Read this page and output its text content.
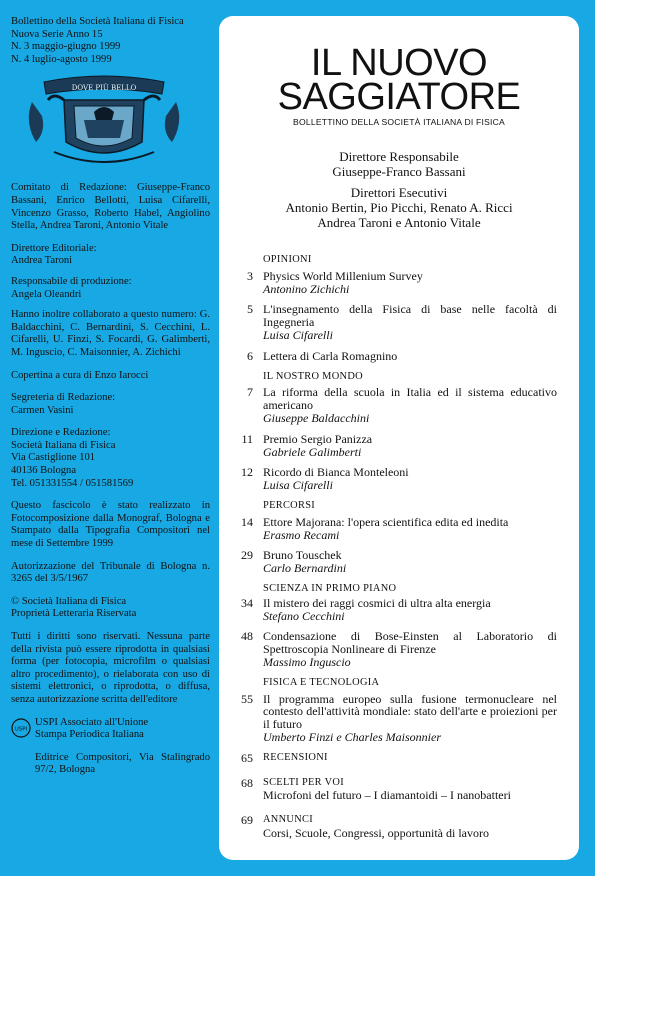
Bollettino della Società Italiana di Fisica
Nuova Serie Anno 15
N. 3 maggio-giugno 1999
N. 4 luglio-agosto 1999
DOVE PIÙ BELLO

Comitato di Redazione: Giuseppe-Franco Bassani, Enrico Bellotti, Luisa Cifarelli, Vincenzo Grasso, Roberto Habel, Angiolino Stella, Andrea Taroni, Antonio Vitale

Direttore Editoriale:
Andrea Taroni

Responsabile di produzione:
Angela Oleandri

Hanno inoltre collaborato a questo numero: G. Baldacchini, C. Bernardini, S. Cecchini, L. Cifarelli, U. Finzi, S. Focardi, G. Galimberti, M. Inguscio, C. Maisonnier, A. Zichichi

Copertina a cura di Enzo Iarocci

Segreteria di Redazione:
Carmen Vasini

Direzione e Redazione:
Società Italiana di Fisica
Via Castiglione 101
40136 Bologna
Tel. 051331554 / 051581569

Questo fascicolo è stato realizzato in Fotocomposizione dalla Monograf, Bologna e Stampato dalla Tipografia Compositori nel mese di Settembre 1999

Autorizzazione del Tribunale di Bologna n. 3265 del 3/5/1967

© Società Italiana di Fisica
Proprietà Letteraria Riservata

Tutti i diritti sono riservati. Nessuna parte della rivista può essere riprodotta in qualsiasi forma (per fotocopia, microfilm o qualsiasi altro procedimento), o rielaborata con uso di sistemi elettronici, o riprodotta, o diffusa, senza autorizzazione scritta dell'editore

USPI
USPI Associato all'Unione
Stampa Periodica Italiana

Editrice Compositori, Via Stalingrado 97/2, Bologna

IL NUOVO
SAGGIATORE
BOLLETTINO DELLA SOCIETÀ ITALIANA DI FISICA
Direttore Responsabile
Giuseppe-Franco Bassani
Direttori Esecutivi
Antonio Bertin, Pio Picchi, Renato A. Ricci
Andrea Taroni e Antonio Vitale
OPINIONI
3 Physics World Millenium Survey
Antonino Zichichi
5 L'insegnamento della Fisica di base nelle facoltà di Ingegneria
Luisa Cifarelli
6 Lettera di Carla Romagnino
IL NOSTRO MONDO
7 La riforma della scuola in Italia ed il sistema educativo americano
Giuseppe Baldacchini
11 Premio Sergio Panizza
Gabriele Galimberti
12 Ricordo di Bianca Monteleoni
Luisa Cifarelli
PERCORSI
14 Ettore Majorana: l'opera scientifica edita ed inedita
Erasmo Recami
29 Bruno Touschek
Carlo Bernardini
SCIENZA IN PRIMO PIANO
34 Il mistero dei raggi cosmici di ultra alta energia
Stefano Cecchini
48 Condensazione di Bose-Einsten al Laboratorio di Spettroscopia Nonlineare di Firenze
Massimo Inguscio
FISICA E TECNOLOGIA
55 Il programma europeo sulla fusione termonucleare nel contesto dell'attività mondiale: stato dell'arte e proiezioni per il futuro
Umberto Finzi e Charles Maisonnier
65 RECENSIONI
68 SCELTI PER VOI
Microfoni del futuro – I diamantoidi – I nanobatteri
69 ANNUNCI
Corsi, Scuole, Congressi, opportunità di lavoro
